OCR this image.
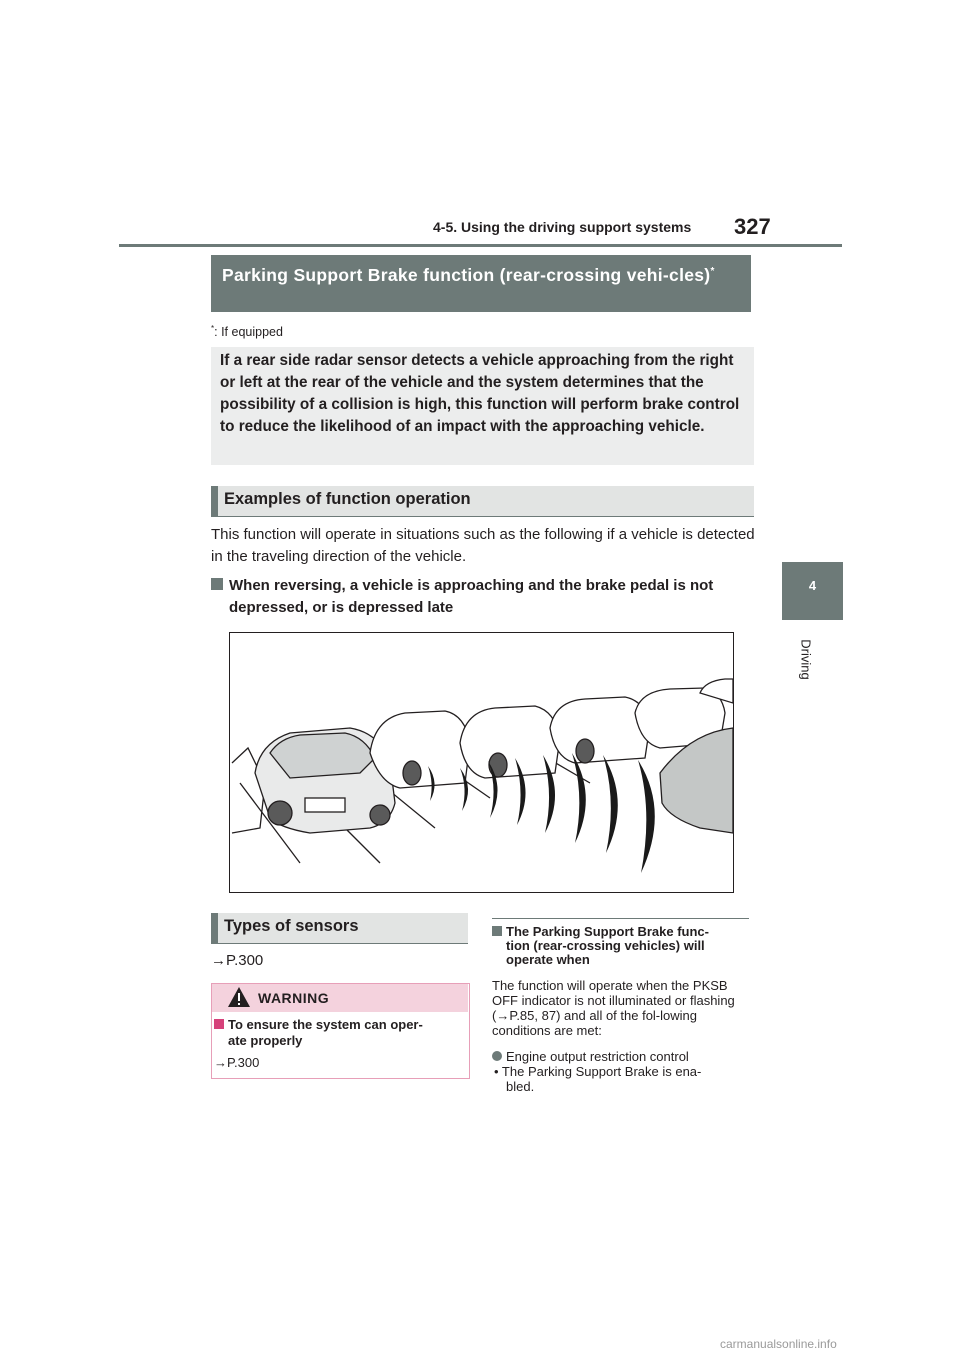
4-5. Using the driving support systems 327
4
Driving
Parking Support Brake function (rear-crossing vehi-cles)*
*: If equipped
If a rear side radar sensor detects a vehicle approaching from the right or left at the rear of the vehicle and the system determines that the possibility of a collision is high, this function will perform brake control to reduce the likelihood of an impact with the approaching vehicle.
Examples of function operation
This function will operate in situations such as the following if a vehicle is detected in the traveling direction of the vehicle.
When reversing, a vehicle is approaching and the brake pedal is not
depressed, or is depressed late
Types of sensors
→P.300
WARNING
To ensure the system can oper-
ate properly
→P.300
The Parking Support Brake func-
tion (rear-crossing vehicles) will
operate when
The function will operate when the PKSB OFF indicator is not illuminated or flashing (→P.85, 87) and all of the fol-lowing conditions are met:
Engine output restriction control
• The Parking Support Brake is ena-
bled.
carmanualsonline.info
